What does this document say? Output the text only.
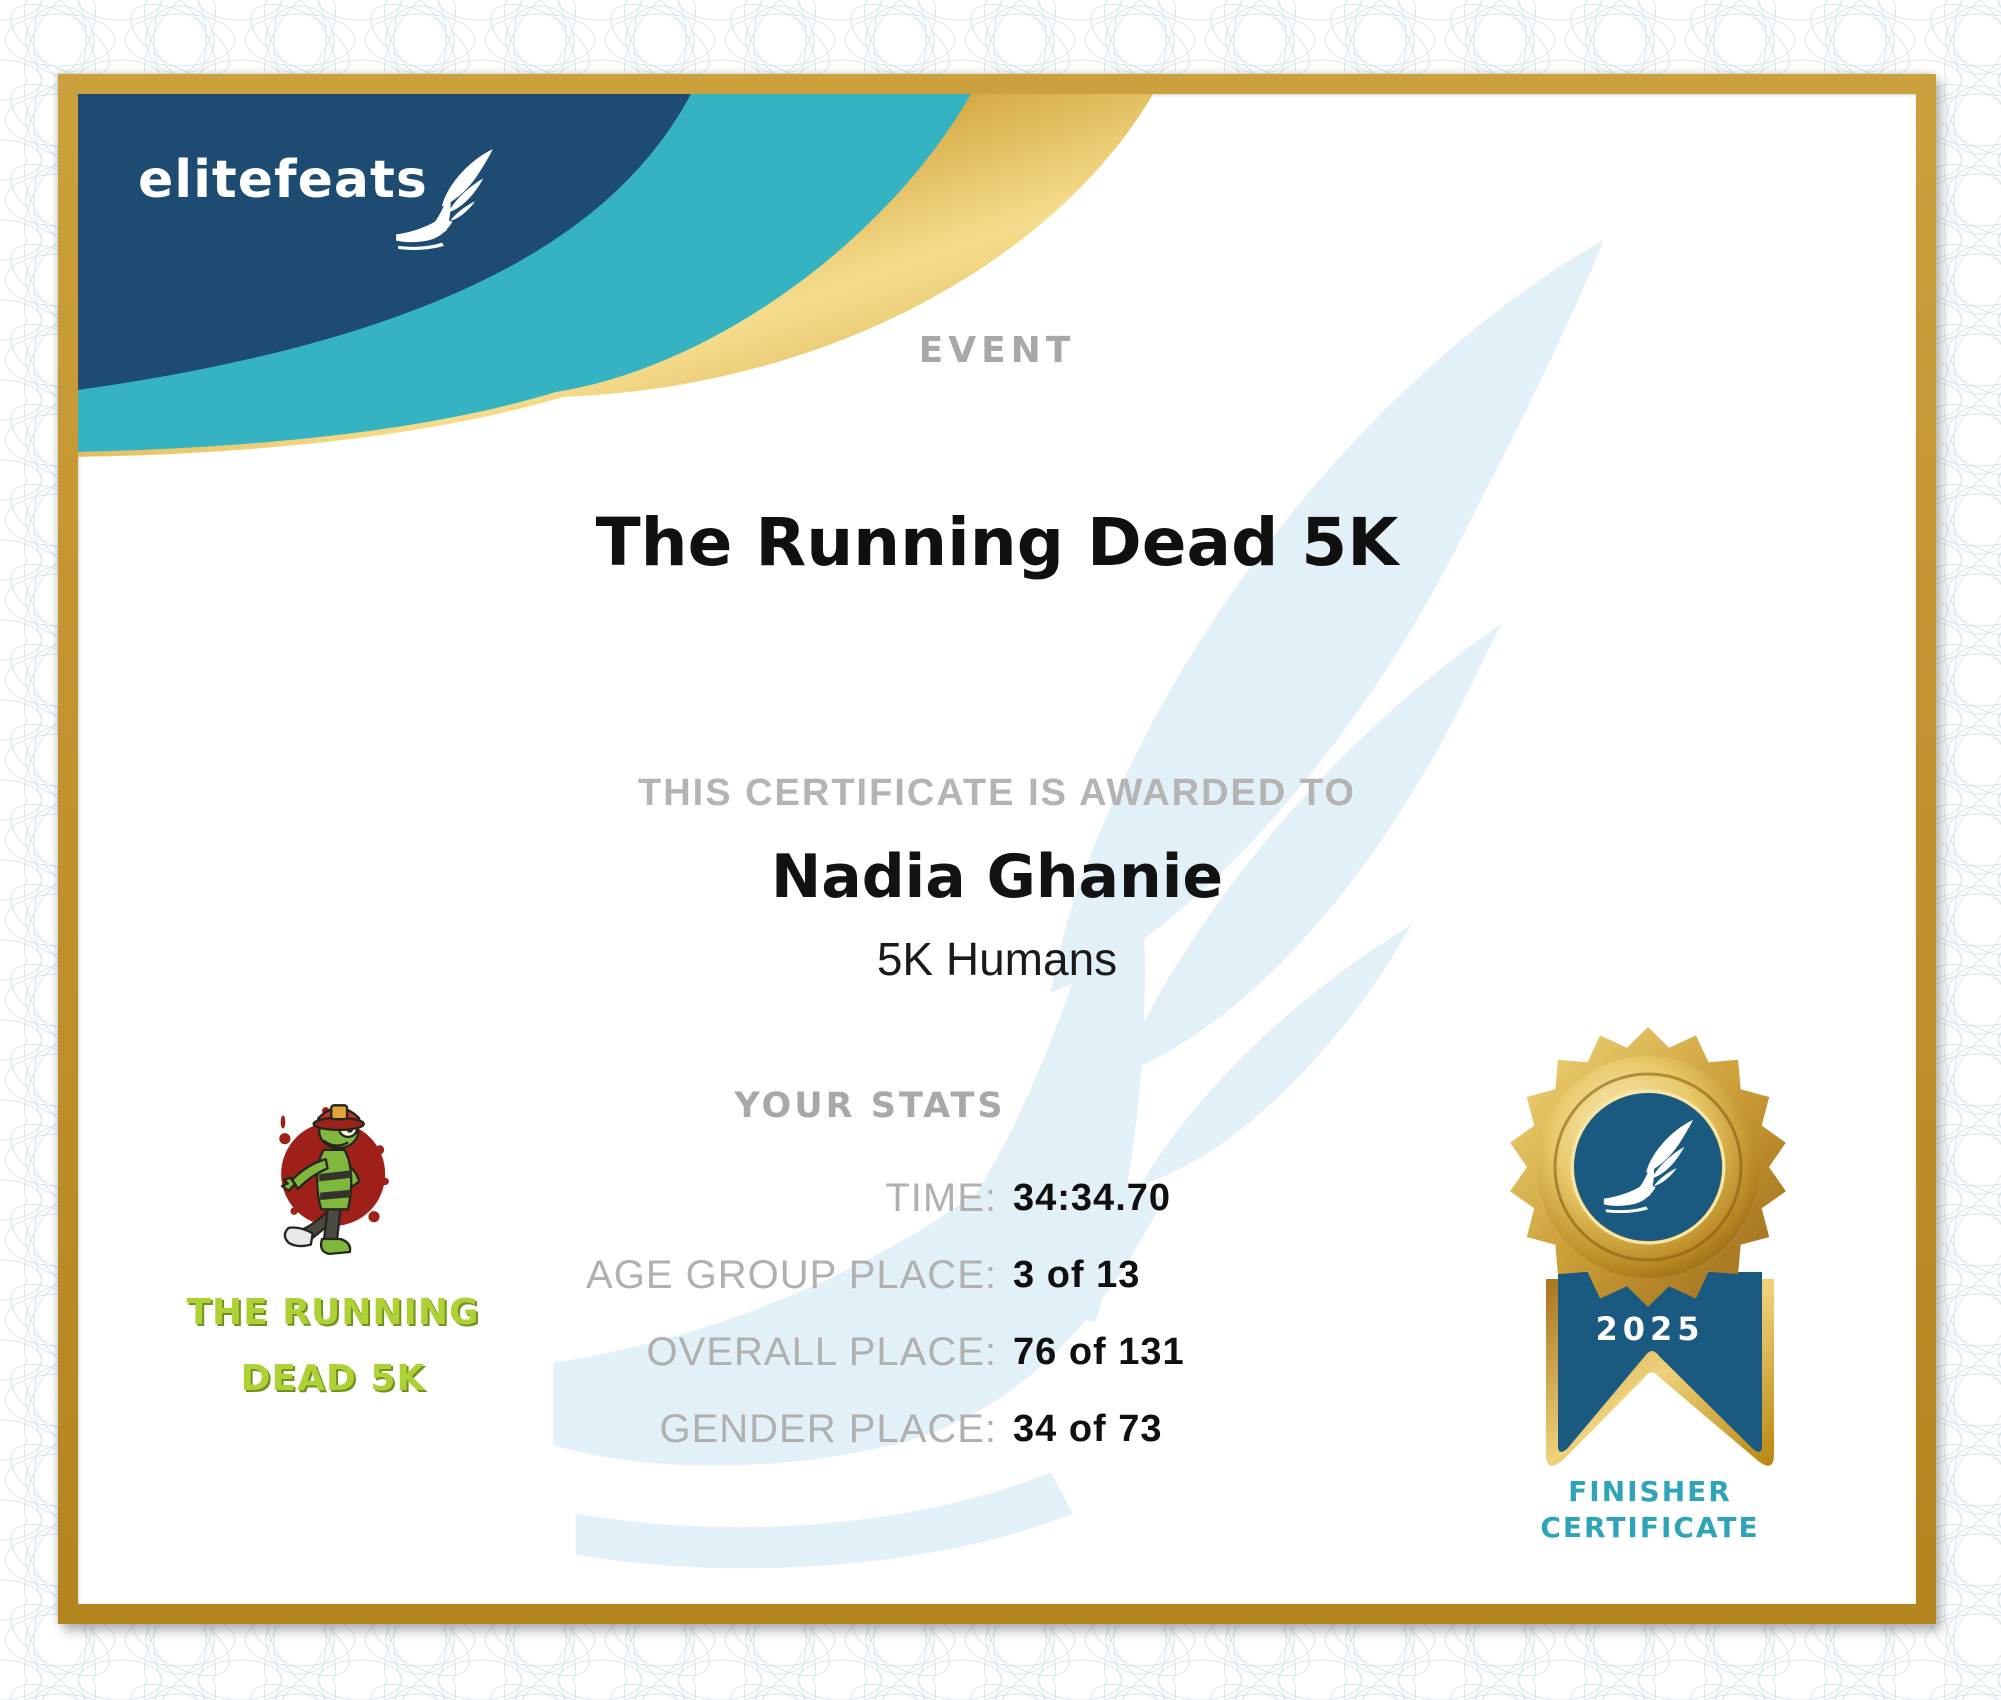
elitefeats
EVENT
The Running Dead 5K
THIS CERTIFICATE IS AWARDED TO
Nadia Ghanie
5K Humans
YOUR STATS
TIME: 34:34.70
AGE GROUP PLACE: 3 of 13
OVERALL PLACE: 76 of 131
GENDER PLACE: 34 of 73
THE RUNNING
DEAD 5K
2025
FINISHER
CERTIFICATE
